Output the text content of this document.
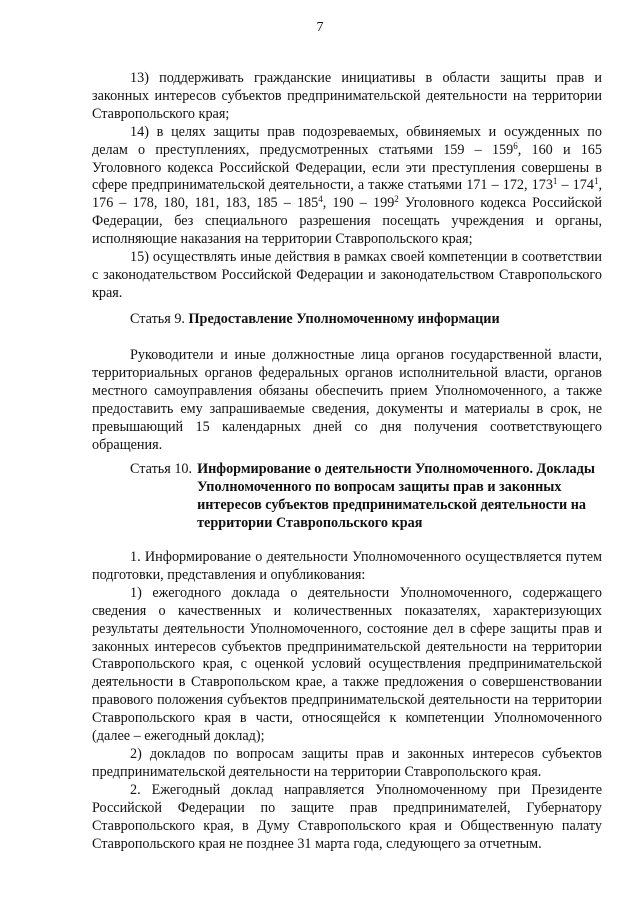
7

13) поддерживать гражданские инициативы в области защиты прав и законных интересов субъектов предпринимательской деятельности на территории Ставропольского края;

14) в целях защиты прав подозреваемых, обвиняемых и осужденных по делам о преступлениях, предусмотренных статьями $159 - 159^6$, 160 и 165 Уголовного кодекса Российской Федерации, если эти преступления совершены в сфере предпринимательской деятельности, а также статьями 171 – 172, $173^1 - 174^1$, 176 – 178, 180, 181, 183, $185 - 185^4$, $190 - 199^2$ Уголовного кодекса Российской Федерации, без специального разрешения посещать учреждения и органы, исполняющие наказания на территории Ставропольского края;

15) осуществлять иные действия в рамках своей компетенции в соответствии с законодательством Российской Федерации и законодательством Ставропольского края.

Статья 9. Предоставление Уполномоченному информации

Руководители и иные должностные лица органов государственной власти, территориальных органов федеральных органов исполнительной власти, органов местного самоуправления обязаны обеспечить прием Уполномоченного, а также предоставить ему запрашиваемые сведения, документы и материалы в срок, не превышающий 15 календарных дней со дня получения соответствующего обращения.

Статья 10. Информирование о деятельности Уполномоченного. Доклады Уполномоченного по вопросам защиты прав и законных интересов субъектов предпринимательской деятельности на территории Ставропольского края

1. Информирование о деятельности Уполномоченного осуществляется путем подготовки, представления и опубликования:

1) ежегодного доклада о деятельности Уполномоченного, содержащего сведения о качественных и количественных показателях, характеризующих результаты деятельности Уполномоченного, состояние дел в сфере защиты прав и законных интересов субъектов предпринимательской деятельности на территории Ставропольского края, с оценкой условий осуществления предпринимательской деятельности в Ставропольском крае, а также предложения о совершенствовании правового положения субъектов предпринимательской деятельности на территории Ставропольского края в части, относящейся к компетенции Уполномоченного (далее – ежегодный доклад);

2) докладов по вопросам защиты прав и законных интересов субъектов предпринимательской деятельности на территории Ставропольского края.

2. Ежегодный доклад направляется Уполномоченному при Президенте Российской Федерации по защите прав предпринимателей, Губернатору Ставропольского края, в Думу Ставропольского края и Общественную палату Ставропольского края не позднее 31 марта года, следующего за отчетным.
